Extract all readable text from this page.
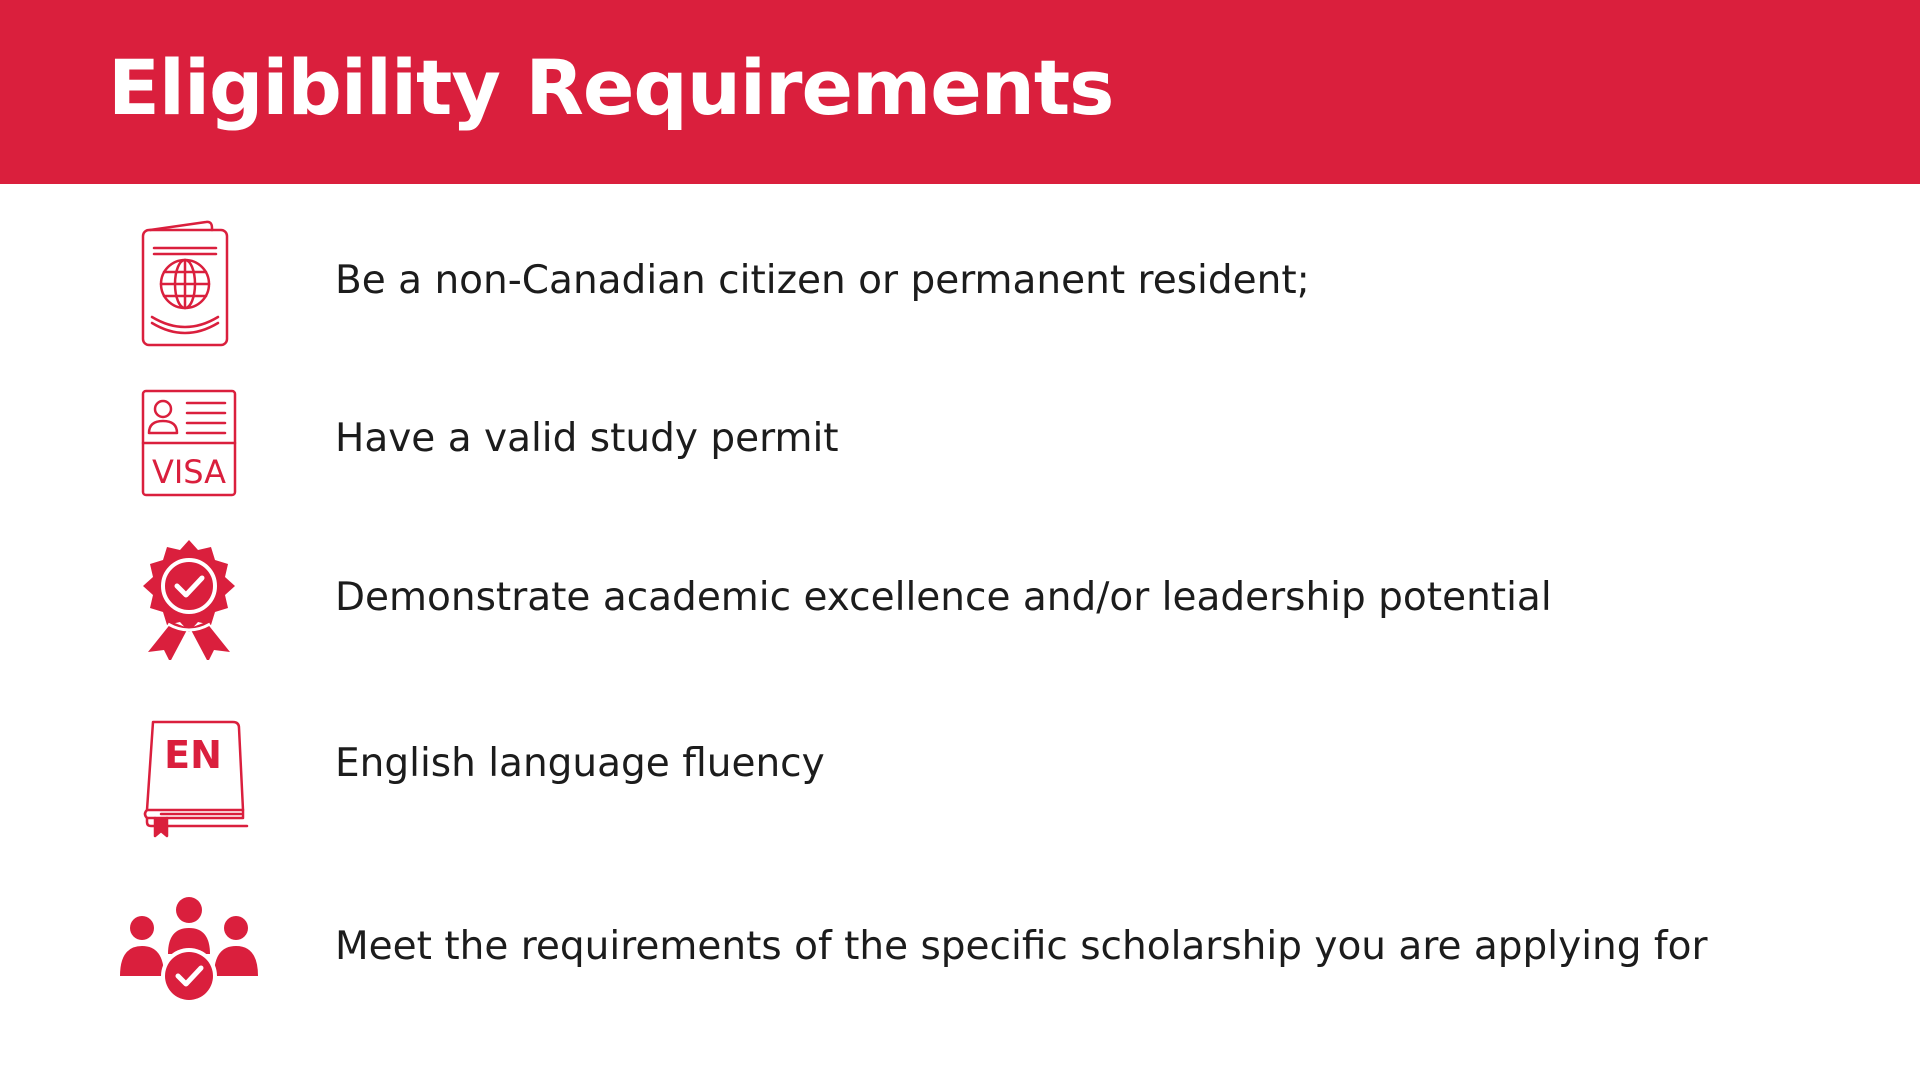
Eligibility Requirements

Be a non-Canadian citizen or permanent resident;

VISA

Have a valid study permit

Demonstrate academic excellence and/or leadership potential

EN	English language fluency

Meet the requirements of the specific scholarship you are applying for
